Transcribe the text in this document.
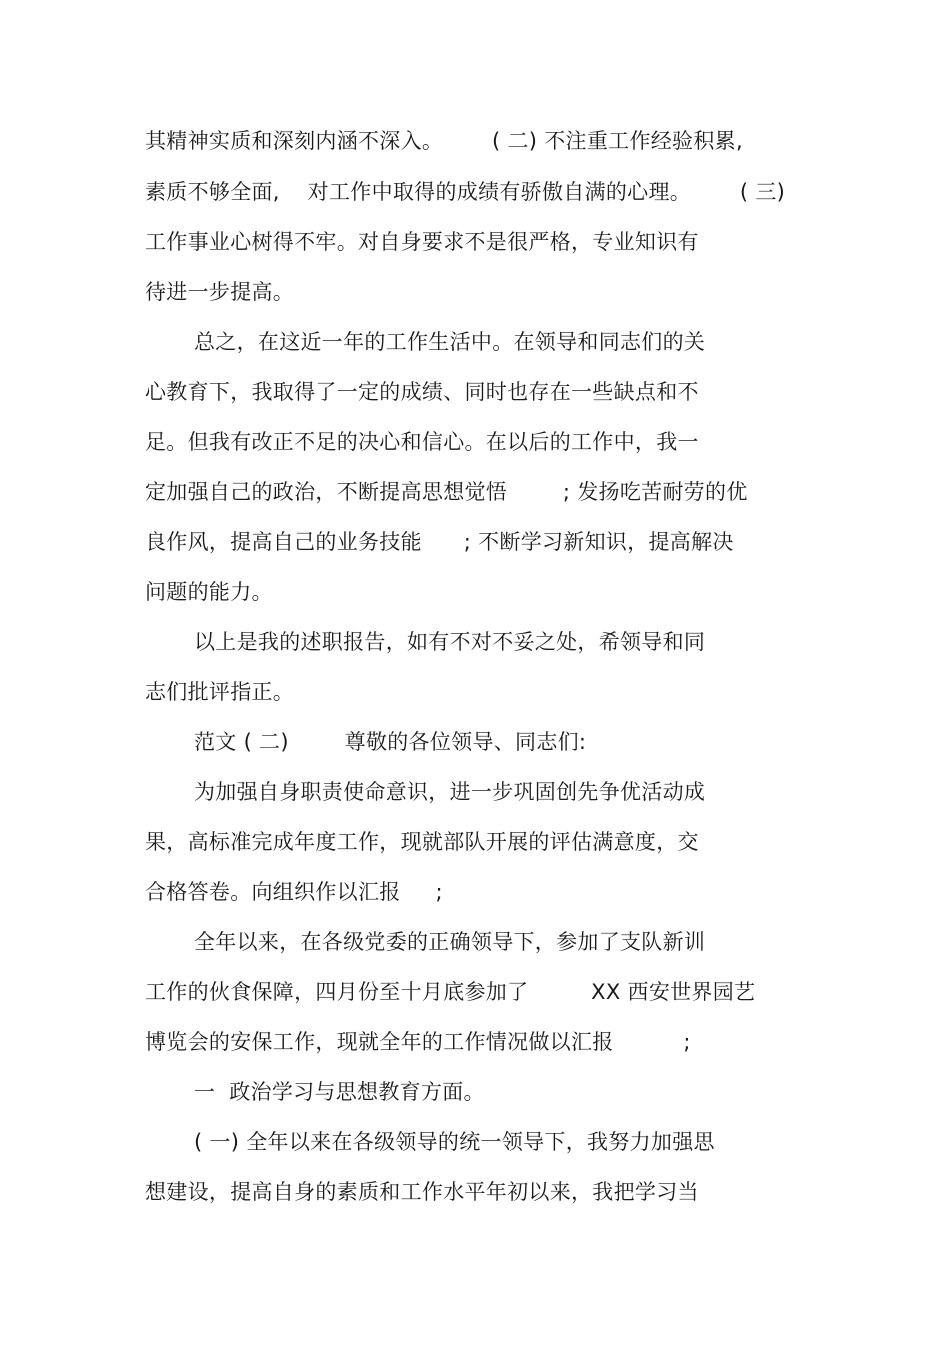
其精神实质和深刻内涵不深入。       ( 二) 不注重工作经验积累,
素质不够全面,    对工作中取得的成绩有骄傲自满的心理。       ( 三)
工作事业心树得不牢。对自身要求不是很严格，专业知识有
待进一步提高。
总之，在这近一年的工作生活中。在领导和同志们的关
心教育下，我取得了一定的成绩、同时也存在一些缺点和不
足。但我有改正不足的决心和信心。在以后的工作中，我一
定加强自己的政治，不断提高思想觉悟        ; 发扬吃苦耐劳的优
良作风，提高自己的业务技能      ; 不断学习新知识，提高解决
问题的能力。
以上是我的述职报告，如有不对不妥之处，希领导和同
志们批评指正。
范文 ( 二)        尊敬的各位领导、同志们:
为加强自身职责使命意识，进一步巩固创先争优活动成
果，高标准完成年度工作，现就部队开展的评估满意度，交
合格答卷。向组织作以汇报     ;
全年以来，在各级党委的正确领导下，参加了支队新训
工作的伙食保障，四月份至十月底参加了         XX 西安世界园艺
博览会的安保工作，现就全年的工作情况做以汇报          ;
一  政治学习与思想教育方面。
( 一) 全年以来在各级领导的统一领导下，我努力加强思
想建设，提高自身的素质和工作水平年初以来，我把学习当
